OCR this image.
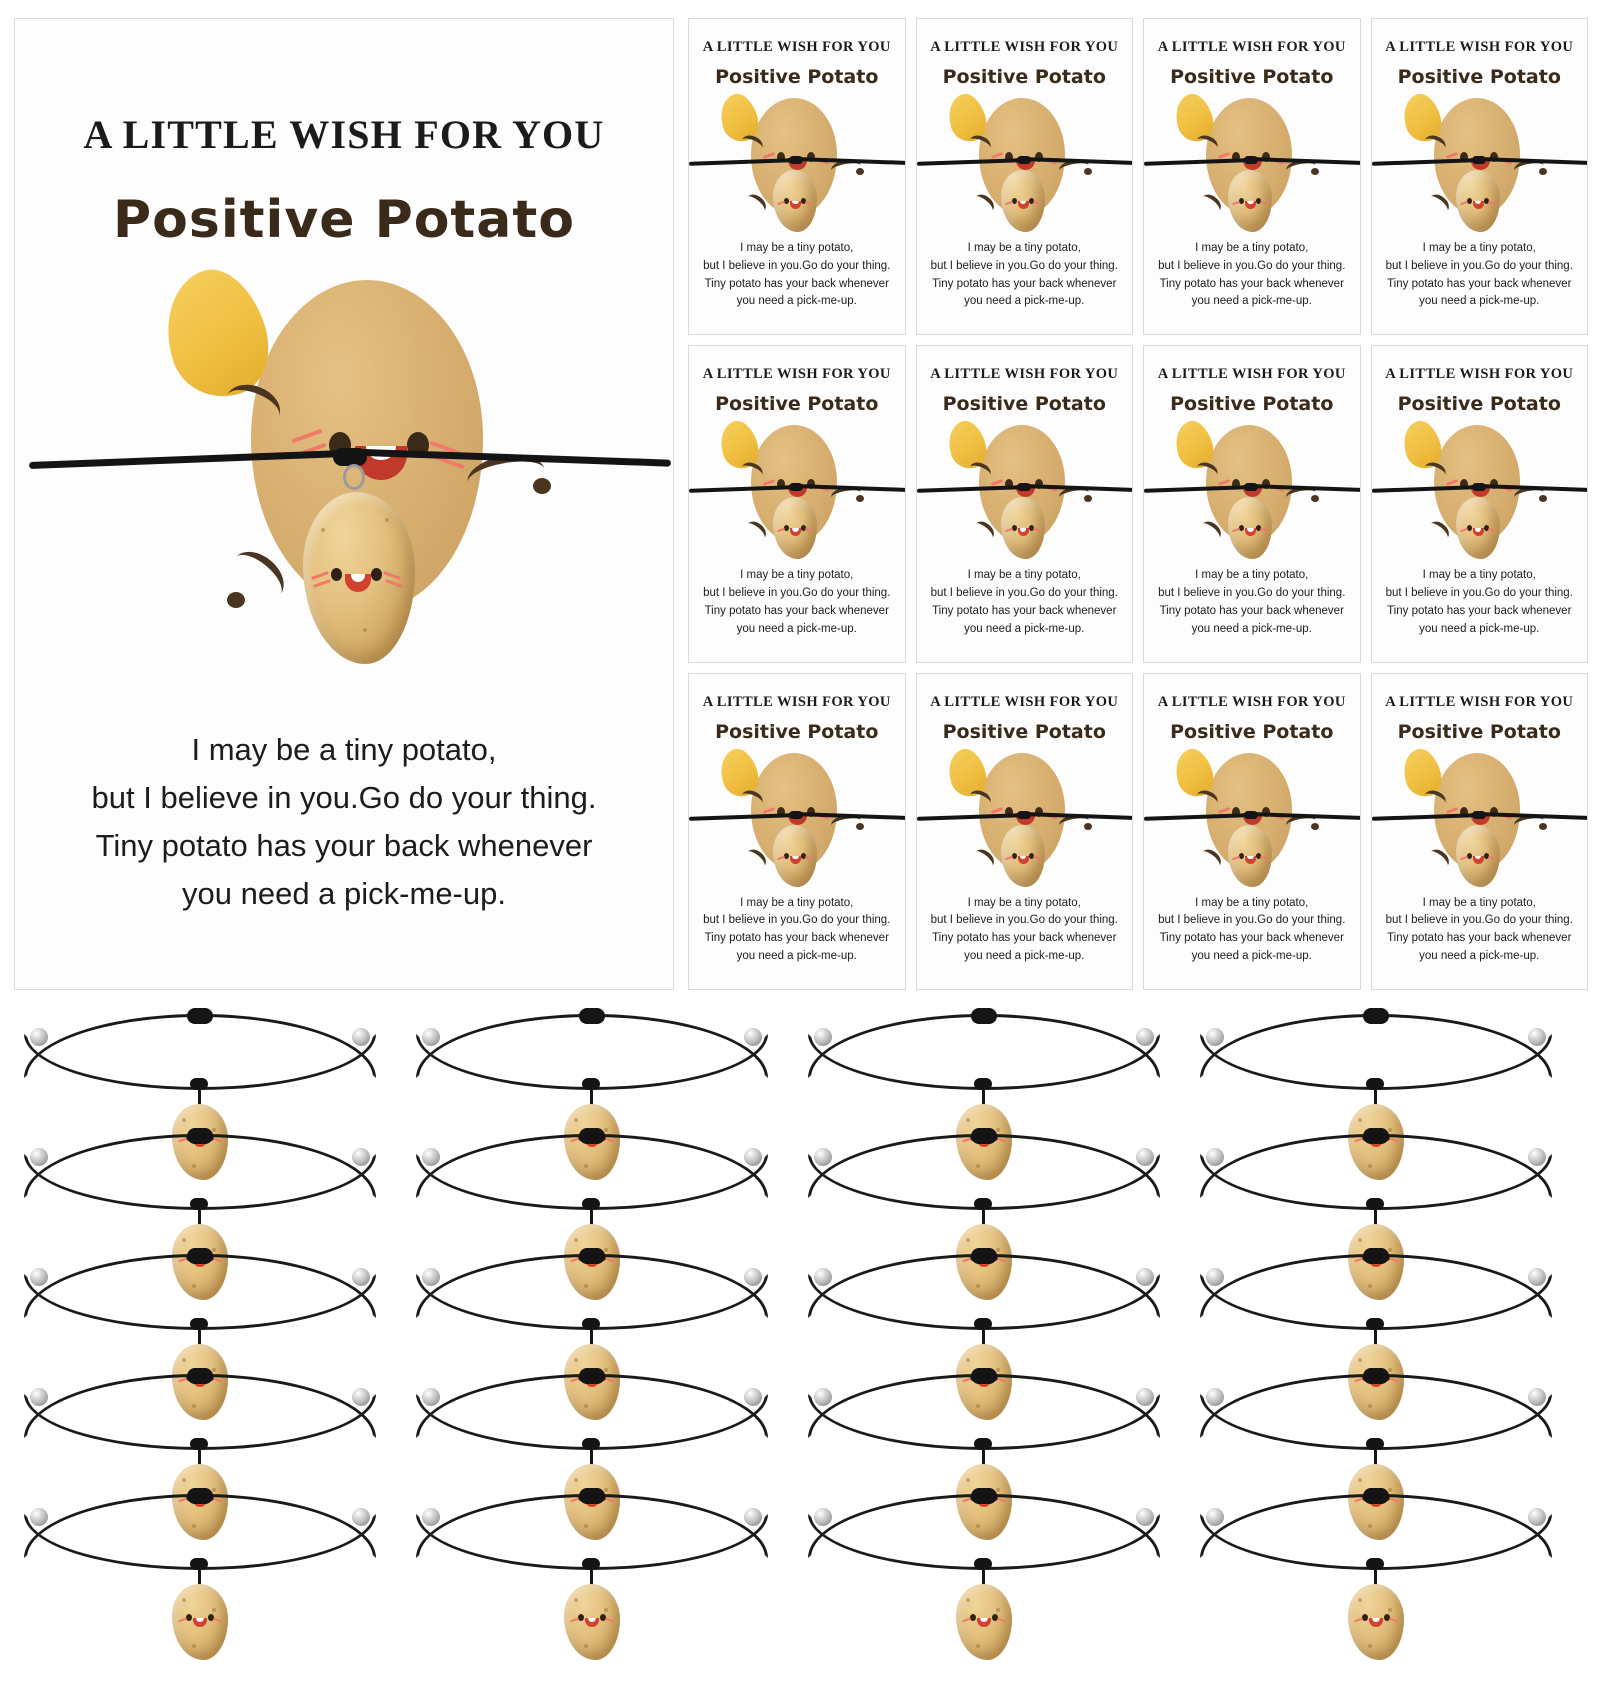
A LITTLE WISH FOR YOU
Positive Potato
I may be a tiny potato,
but I believe in you.Go do your thing.
Tiny potato has your back whenever
you need a pick-me-up.
A LITTLE WISH FOR YOU
Positive Potato
I may be a tiny potato,
but I believe in you.Go do your thing.
Tiny potato has your back whenever
you need a pick-me-up.
A LITTLE WISH FOR YOU
Positive Potato
I may be a tiny potato,
but I believe in you.Go do your thing.
Tiny potato has your back whenever
you need a pick-me-up.
A LITTLE WISH FOR YOU
Positive Potato
I may be a tiny potato,
but I believe in you.Go do your thing.
Tiny potato has your back whenever
you need a pick-me-up.
A LITTLE WISH FOR YOU
Positive Potato
I may be a tiny potato,
but I believe in you.Go do your thing.
Tiny potato has your back whenever
you need a pick-me-up.
A LITTLE WISH FOR YOU
Positive Potato
I may be a tiny potato,
but I believe in you.Go do your thing.
Tiny potato has your back whenever
you need a pick-me-up.
A LITTLE WISH FOR YOU
Positive Potato
I may be a tiny potato,
but I believe in you.Go do your thing.
Tiny potato has your back whenever
you need a pick-me-up.
A LITTLE WISH FOR YOU
Positive Potato
I may be a tiny potato,
but I believe in you.Go do your thing.
Tiny potato has your back whenever
you need a pick-me-up.
A LITTLE WISH FOR YOU
Positive Potato
I may be a tiny potato,
but I believe in you.Go do your thing.
Tiny potato has your back whenever
you need a pick-me-up.
A LITTLE WISH FOR YOU
Positive Potato
I may be a tiny potato,
but I believe in you.Go do your thing.
Tiny potato has your back whenever
you need a pick-me-up.
A LITTLE WISH FOR YOU
Positive Potato
I may be a tiny potato,
but I believe in you.Go do your thing.
Tiny potato has your back whenever
you need a pick-me-up.
A LITTLE WISH FOR YOU
Positive Potato
I may be a tiny potato,
but I believe in you.Go do your thing.
Tiny potato has your back whenever
you need a pick-me-up.
A LITTLE WISH FOR YOU
Positive Potato
I may be a tiny potato,
but I believe in you.Go do your thing.
Tiny potato has your back whenever
you need a pick-me-up.
